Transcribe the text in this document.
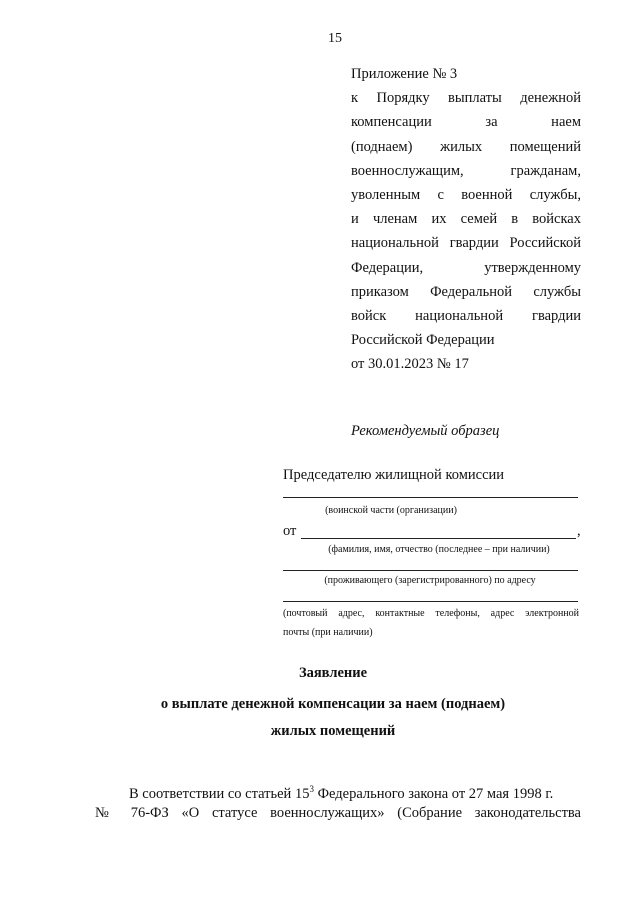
15
Приложение № 3
к Порядку выплаты денежной
компенсации за наем
(поднаем) жилых помещений
военнослужащим, гражданам,
уволенным с военной службы,
и членам их семей в войсках
национальной гвардии Российской
Федерации, утвержденному
приказом Федеральной службы
войск национальной гвардии
Российской Федерации
от 30.01.2023 № 17
Рекомендуемый образец
Председателю жилищной комиссии
(воинской части (организации)
от	,
(фамилия, имя, отчество (последнее – при наличии)
(проживающего (зарегистрированного) по адресу
(почтовый адрес, контактные телефоны, адрес электронной
почты (при наличии)
Заявление
о выплате денежной компенсации за наем (поднаем)
жилых помещений
В соответствии со статьей $15^3$ Федерального закона от 27 мая 1998 г.
№ 76-ФЗ «О статусе военнослужащих» (Собрание законодательства
